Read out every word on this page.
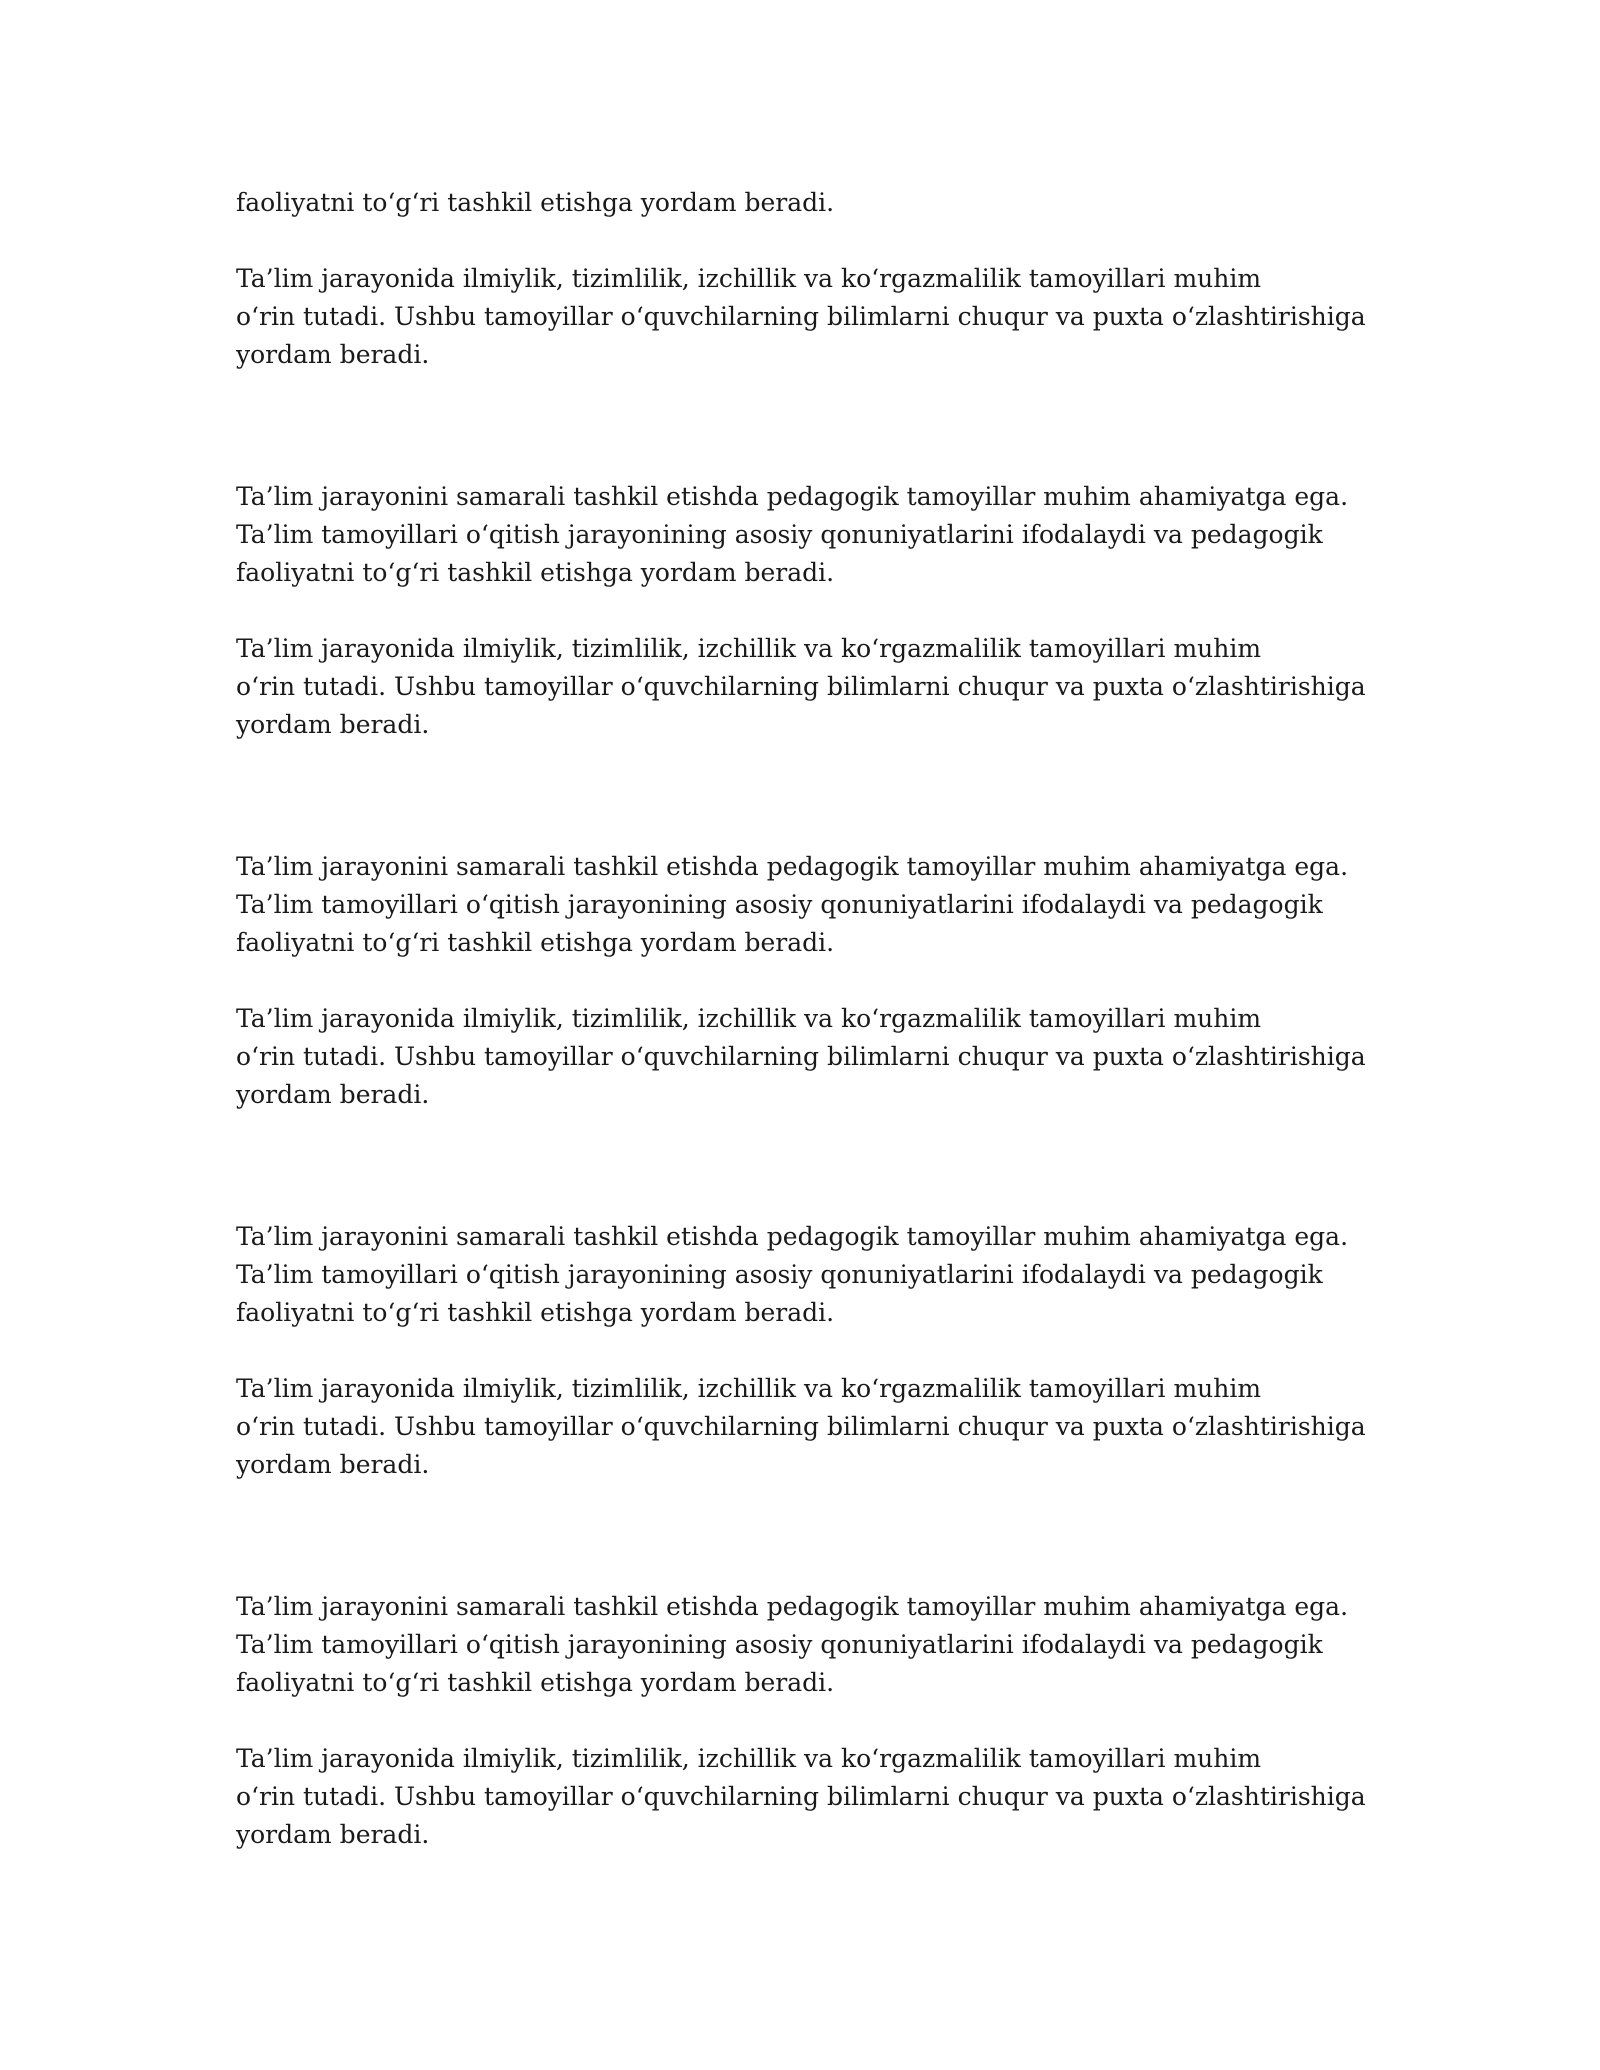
faoliyatni to‘g‘ri tashkil etishga yordam beradi.

Ta’lim jarayonida ilmiylik, tizimlilik, izchillik va ko‘rgazmalilik tamoyillari muhim
o‘rin tutadi. Ushbu tamoyillar o‘quvchilarning bilimlarni chuqur va puxta o‘zlashtirishiga
yordam beradi.

Ta’lim jarayonini samarali tashkil etishda pedagogik tamoyillar muhim ahamiyatga ega.
Ta’lim tamoyillari o‘qitish jarayonining asosiy qonuniyatlarini ifodalaydi va pedagogik
faoliyatni to‘g‘ri tashkil etishga yordam beradi.

Ta’lim jarayonida ilmiylik, tizimlilik, izchillik va ko‘rgazmalilik tamoyillari muhim
o‘rin tutadi. Ushbu tamoyillar o‘quvchilarning bilimlarni chuqur va puxta o‘zlashtirishiga
yordam beradi.

Ta’lim jarayonini samarali tashkil etishda pedagogik tamoyillar muhim ahamiyatga ega.
Ta’lim tamoyillari o‘qitish jarayonining asosiy qonuniyatlarini ifodalaydi va pedagogik
faoliyatni to‘g‘ri tashkil etishga yordam beradi.

Ta’lim jarayonida ilmiylik, tizimlilik, izchillik va ko‘rgazmalilik tamoyillari muhim
o‘rin tutadi. Ushbu tamoyillar o‘quvchilarning bilimlarni chuqur va puxta o‘zlashtirishiga
yordam beradi.

Ta’lim jarayonini samarali tashkil etishda pedagogik tamoyillar muhim ahamiyatga ega.
Ta’lim tamoyillari o‘qitish jarayonining asosiy qonuniyatlarini ifodalaydi va pedagogik
faoliyatni to‘g‘ri tashkil etishga yordam beradi.

Ta’lim jarayonida ilmiylik, tizimlilik, izchillik va ko‘rgazmalilik tamoyillari muhim
o‘rin tutadi. Ushbu tamoyillar o‘quvchilarning bilimlarni chuqur va puxta o‘zlashtirishiga
yordam beradi.

Ta’lim jarayonini samarali tashkil etishda pedagogik tamoyillar muhim ahamiyatga ega.
Ta’lim tamoyillari o‘qitish jarayonining asosiy qonuniyatlarini ifodalaydi va pedagogik
faoliyatni to‘g‘ri tashkil etishga yordam beradi.

Ta’lim jarayonida ilmiylik, tizimlilik, izchillik va ko‘rgazmalilik tamoyillari muhim
o‘rin tutadi. Ushbu tamoyillar o‘quvchilarning bilimlarni chuqur va puxta o‘zlashtirishiga
yordam beradi.
